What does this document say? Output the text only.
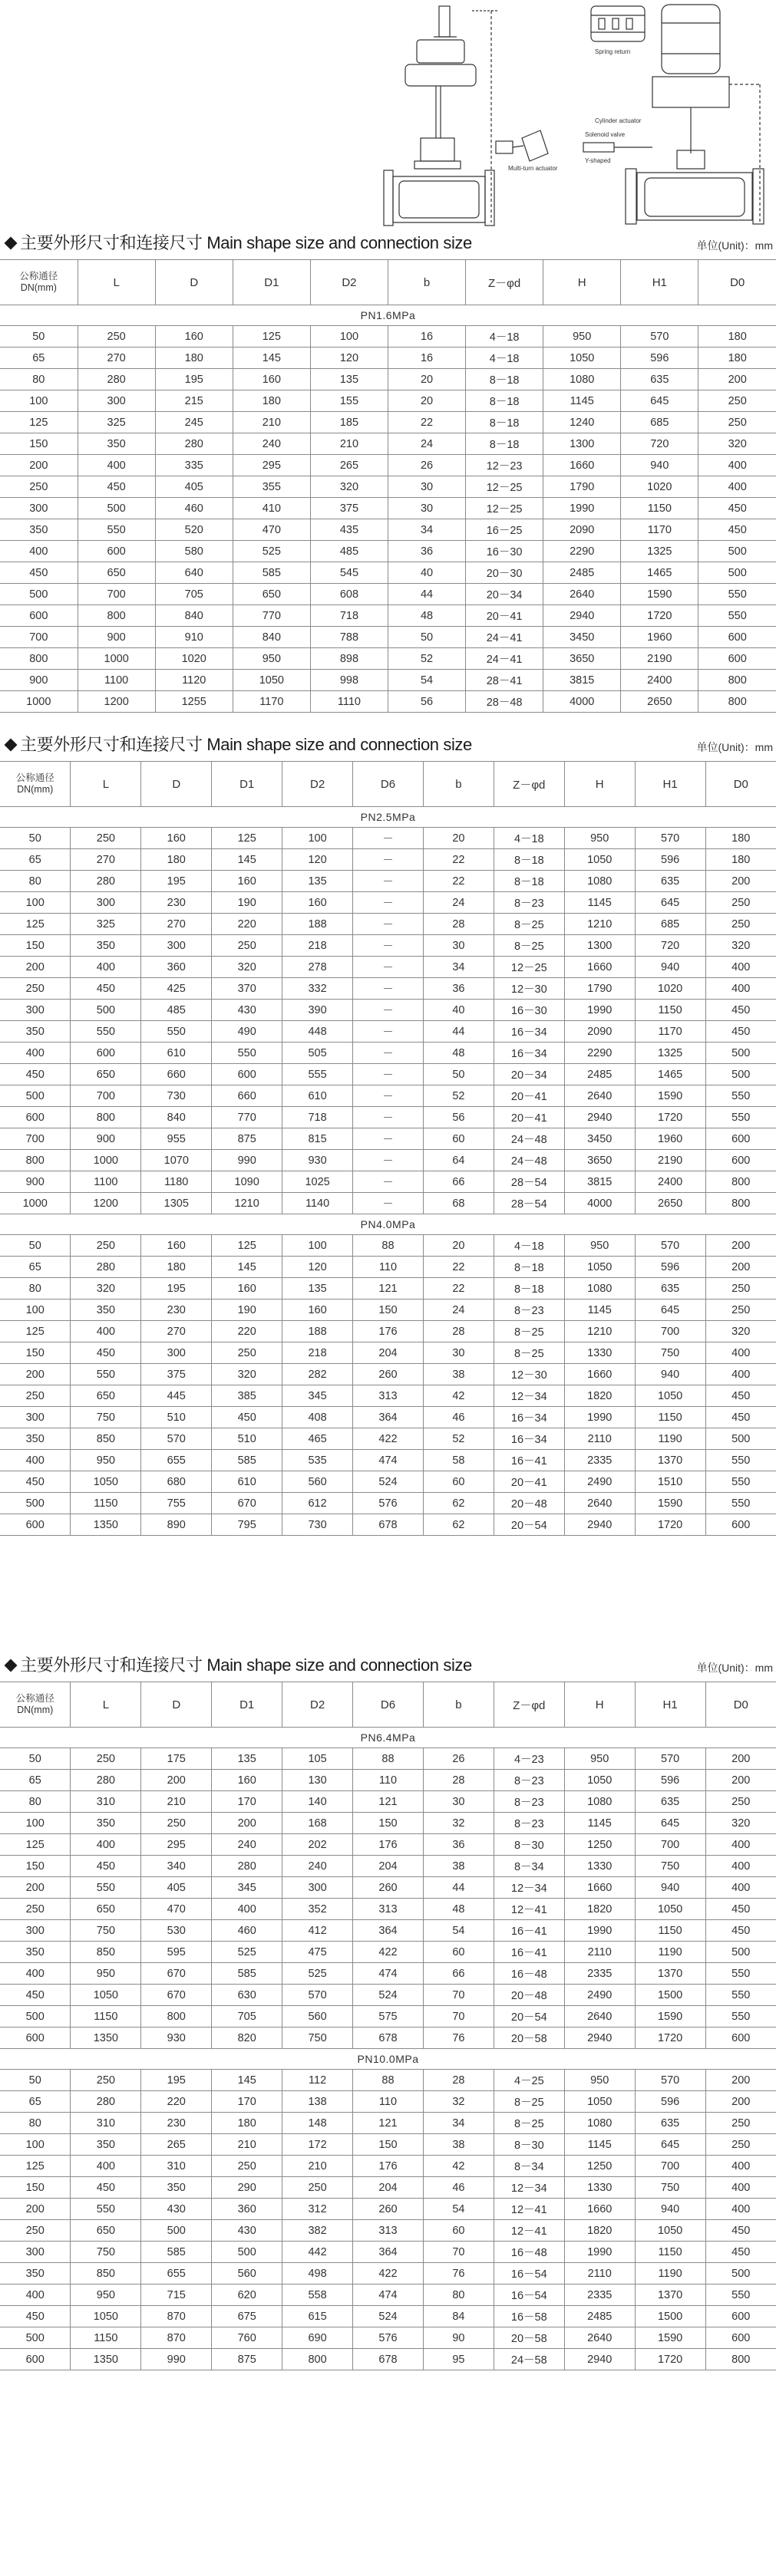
Multi-turn actuator
Spring return
Cylinder actuator
Y-shaped
Solenoid valve
主要外形尺寸和连接尺寸 Main shape size and connection size	单位(Unit)：mm
公称通径 DN(mm)	L	D	D1	D2	b	Z－φd	H	H1	D0
PN1.6MPa									
50	250	160	125	100	16	4－18	950	570	180
65	270	180	145	120	16	4－18	1050	596	180
80	280	195	160	135	20	8－18	1080	635	200
100	300	215	180	155	20	8－18	1145	645	250
125	325	245	210	185	22	8－18	1240	685	250
150	350	280	240	210	24	8－18	1300	720	320
200	400	335	295	265	26	12－23	1660	940	400
250	450	405	355	320	30	12－25	1790	1020	400
300	500	460	410	375	30	12－25	1990	1150	450
350	550	520	470	435	34	16－25	2090	1170	450
400	600	580	525	485	36	16－30	2290	1325	500
450	650	640	585	545	40	20－30	2485	1465	500
500	700	705	650	608	44	20－34	2640	1590	550
600	800	840	770	718	48	20－41	2940	1720	550
700	900	910	840	788	50	24－41	3450	1960	600
800	1000	1020	950	898	52	24－41	3650	2190	600
900	1100	1120	1050	998	54	28－41	3815	2400	800
1000	1200	1255	1170	1110	56	28－48	4000	2650	800
主要外形尺寸和连接尺寸 Main shape size and connection size	单位(Unit)：mm
公称通径 DN(mm)	L	D	D1	D2	D6	b	Z－φd	H	H1	D0
PN2.5MPa										
50	250	160	125	100	－	20	4－18	950	570	180
65	270	180	145	120	－	22	8－18	1050	596	180
80	280	195	160	135	－	22	8－18	1080	635	200
100	300	230	190	160	－	24	8－23	1145	645	250
125	325	270	220	188	－	28	8－25	1210	685	250
150	350	300	250	218	－	30	8－25	1300	720	320
200	400	360	320	278	－	34	12－25	1660	940	400
250	450	425	370	332	－	36	12－30	1790	1020	400
300	500	485	430	390	－	40	16－30	1990	1150	450
350	550	550	490	448	－	44	16－34	2090	1170	450
400	600	610	550	505	－	48	16－34	2290	1325	500
450	650	660	600	555	－	50	20－34	2485	1465	500
500	700	730	660	610	－	52	20－41	2640	1590	550
600	800	840	770	718	－	56	20－41	2940	1720	550
700	900	955	875	815	－	60	24－48	3450	1960	600
800	1000	1070	990	930	－	64	24－48	3650	2190	600
900	1100	1180	1090	1025	－	66	28－54	3815	2400	800
1000	1200	1305	1210	1140	－	68	28－54	4000	2650	800
PN4.0MPa										
50	250	160	125	100	88	20	4－18	950	570	200
65	280	180	145	120	110	22	8－18	1050	596	200
80	320	195	160	135	121	22	8－18	1080	635	250
100	350	230	190	160	150	24	8－23	1145	645	250
125	400	270	220	188	176	28	8－25	1210	700	320
150	450	300	250	218	204	30	8－25	1330	750	400
200	550	375	320	282	260	38	12－30	1660	940	400
250	650	445	385	345	313	42	12－34	1820	1050	450
300	750	510	450	408	364	46	16－34	1990	1150	450
350	850	570	510	465	422	52	16－34	2110	1190	500
400	950	655	585	535	474	58	16－41	2335	1370	550
450	1050	680	610	560	524	60	20－41	2490	1510	550
500	1150	755	670	612	576	62	20－48	2640	1590	550
600	1350	890	795	730	678	62	20－54	2940	1720	600
主要外形尺寸和连接尺寸 Main shape size and connection size	单位(Unit)：mm
公称通径 DN(mm)	L	D	D1	D2	D6	b	Z－φd	H	H1	D0
PN6.4MPa										
50	250	175	135	105	88	26	4－23	950	570	200
65	280	200	160	130	110	28	8－23	1050	596	200
80	310	210	170	140	121	30	8－23	1080	635	250
100	350	250	200	168	150	32	8－23	1145	645	320
125	400	295	240	202	176	36	8－30	1250	700	400
150	450	340	280	240	204	38	8－34	1330	750	400
200	550	405	345	300	260	44	12－34	1660	940	400
250	650	470	400	352	313	48	12－41	1820	1050	450
300	750	530	460	412	364	54	16－41	1990	1150	450
350	850	595	525	475	422	60	16－41	2110	1190	500
400	950	670	585	525	474	66	16－48	2335	1370	550
450	1050	670	630	570	524	70	20－48	2490	1500	550
500	1150	800	705	560	575	70	20－54	2640	1590	550
600	1350	930	820	750	678	76	20－58	2940	1720	600
PN10.0MPa										
50	250	195	145	112	88	28	4－25	950	570	200
65	280	220	170	138	110	32	8－25	1050	596	200
80	310	230	180	148	121	34	8－25	1080	635	250
100	350	265	210	172	150	38	8－30	1145	645	250
125	400	310	250	210	176	42	8－34	1250	700	400
150	450	350	290	250	204	46	12－34	1330	750	400
200	550	430	360	312	260	54	12－41	1660	940	400
250	650	500	430	382	313	60	12－41	1820	1050	450
300	750	585	500	442	364	70	16－48	1990	1150	450
350	850	655	560	498	422	76	16－54	2110	1190	500
400	950	715	620	558	474	80	16－54	2335	1370	550
450	1050	870	675	615	524	84	16－58	2485	1500	600
500	1150	870	760	690	576	90	20－58	2640	1590	600
600	1350	990	875	800	678	95	24－58	2940	1720	800
